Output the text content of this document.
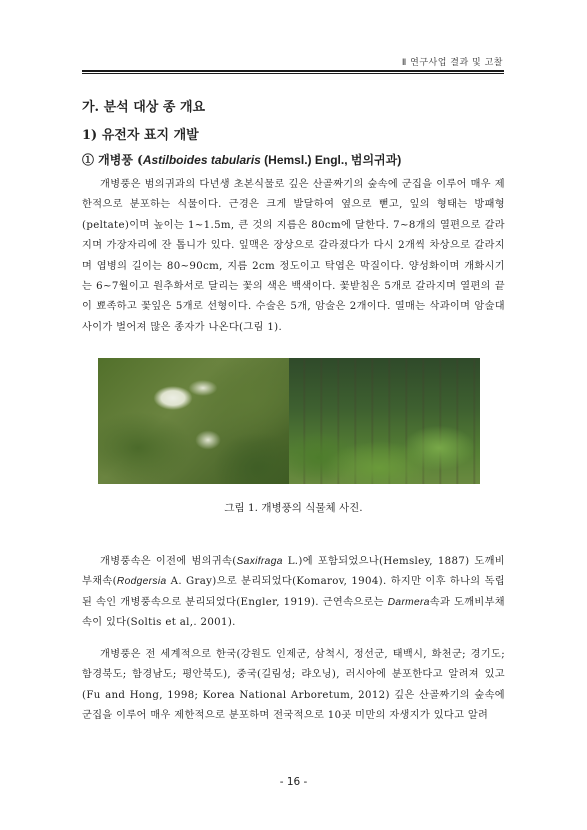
Ⅱ 연구사업 결과 및 고찰
가. 분석 대상 종 개요
1) 유전자 표지 개발
① 개병풍 (Astilboides tabularis (Hemsl.) Engl., 범의귀과)

개병풍은 범의귀과의 다년생 초본식물로 깊은 산골짜기의 숲속에 군집을 이루어 매우 제한적으로 분포하는 식물이다. 근경은 크게 발달하여 옆으로 뻗고, 잎의 형태는 방패형(peltate)이며 높이는 1~1.5m, 큰 것의 지름은 80cm에 달한다. 7~8개의 열편으로 갈라지며 가장자리에 잔 톱니가 있다. 잎맥은 장상으로 갈라졌다가 다시 2개씩 차상으로 갈라지며 엽병의 길이는 80~90cm, 지름 2cm 정도이고 탁엽은 막질이다. 양성화이며 개화시기는 6~7월이고 원추화서로 달리는 꽃의 색은 백색이다. 꽃받침은 5개로 갈라지며 열편의 끝이 뾰족하고 꽃잎은 5개로 선형이다. 수술은 5개, 암술은 2개이다. 열매는 삭과이며 암술대 사이가 벌어져 많은 종자가 나온다(그림 1).

그림 1. 개병풍의 식물체 사진.

개병풍속은 이전에 범의귀속(Saxifraga L.)에 포함되었으나(Hemsley, 1887) 도깨비부채속(Rodgersia A. Gray)으로 분리되었다(Komarov, 1904). 하지만 이후 하나의 독립된 속인 개병풍속으로 분리되었다(Engler, 1919). 근연속으로는 Darmera속과 도깨비부채속이 있다(Soltis et al,. 2001).

개병풍은 전 세계적으로 한국(강원도 인제군, 삼척시, 정선군, 태백시, 화천군; 경기도; 함경북도; 함경남도; 평안북도), 중국(길림성; 랴오닝), 러시아에 분포한다고 알려져 있고(Fu and Hong, 1998; Korea National Arboretum, 2012) 깊은 산골짜기의 숲속에 군집을 이루어 매우 제한적으로 분포하며 전국적으로 10곳 미만의 자생지가 있다고 알려

- 16 -
